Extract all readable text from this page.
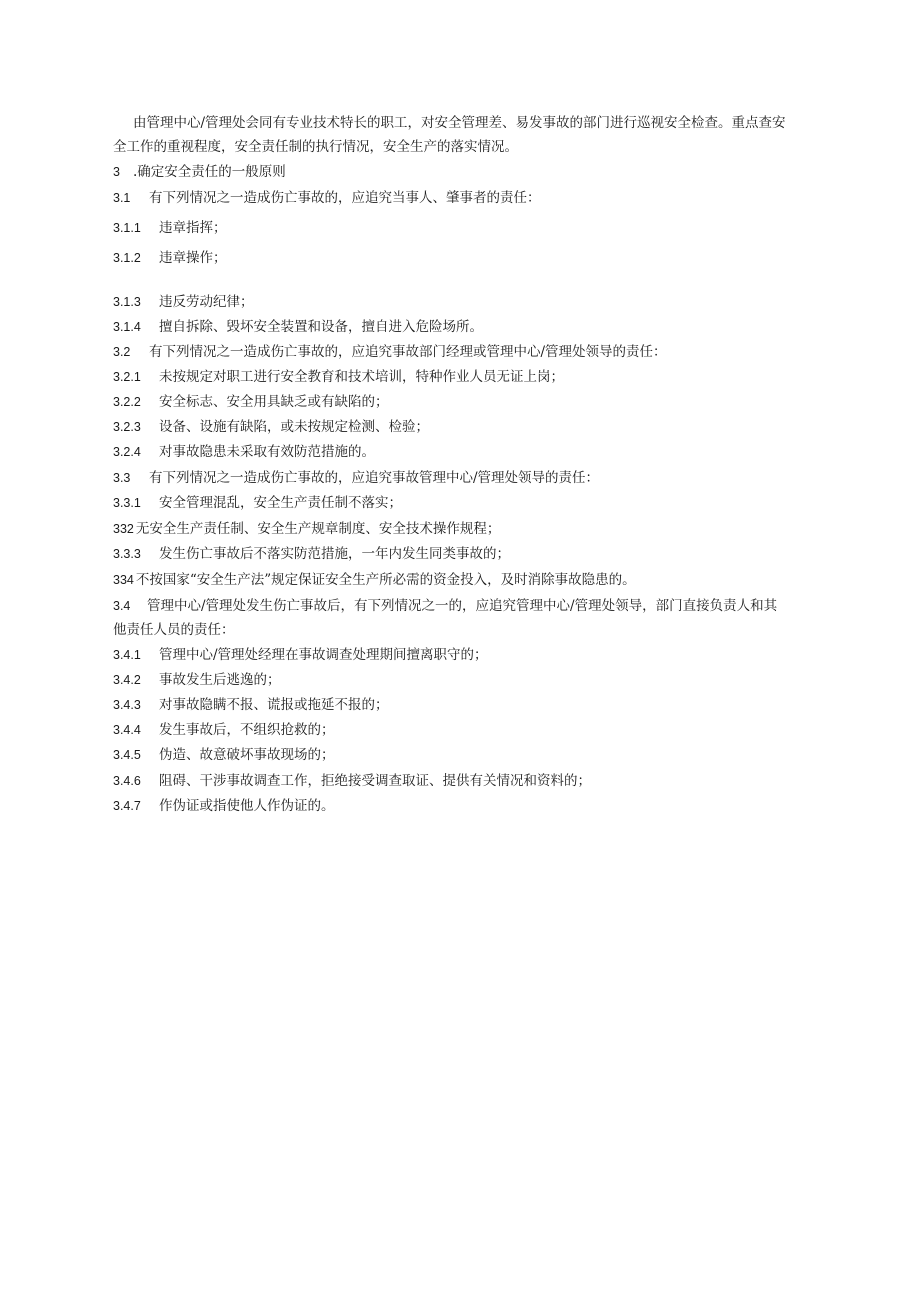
由管理中心/管理处会同有专业技术特长的职工，对安全管理差、易发事故的部门进行巡视安全检查。重点查安
全工作的重视程度，安全责任制的执行情况，安全生产的落实情况。
3 .确定安全责任的一般原则
3.1 有下列情况之一造成伤亡事故的，应追究当事人、肇事者的责任：
3.1.1 违章指挥；
3.1.2 违章操作；
3.1.3 违反劳动纪律；
3.1.4 擅自拆除、毁坏安全装置和设备，擅自进入危险场所。
3.2 有下列情况之一造成伤亡事故的，应追究事故部门经理或管理中心/管理处领导的责任：
3.2.1 未按规定对职工进行安全教育和技术培训，特种作业人员无证上岗；
3.2.2 安全标志、安全用具缺乏或有缺陷的；
3.2.3 设备、设施有缺陷，或未按规定检测、检验；
3.2.4 对事故隐患未采取有效防范措施的。
3.3 有下列情况之一造成伤亡事故的，应追究事故管理中心/管理处领导的责任：
3.3.1 安全管理混乱，安全生产责任制不落实；
332 无安全生产责任制、安全生产规章制度、安全技术操作规程；
3.3.3 发生伤亡事故后不落实防范措施，一年内发生同类事故的；
334 不按国家“安全生产法”规定保证安全生产所必需的资金投入，及时消除事故隐患的。
3.4 管理中心/管理处发生伤亡事故后，有下列情况之一的，应追究管理中心/管理处领导，部门直接负责人和其
他责任人员的责任：
3.4.1 管理中心/管理处经理在事故调查处理期间擅离职守的；
3.4.2 事故发生后逃逸的；
3.4.3 对事故隐瞒不报、谎报或拖延不报的；
3.4.4 发生事故后，不组织抢救的；
3.4.5 伪造、故意破坏事故现场的；
3.4.6 阻碍、干涉事故调查工作，拒绝接受调查取证、提供有关情况和资料的；
3.4.7 作伪证或指使他人作伪证的。
